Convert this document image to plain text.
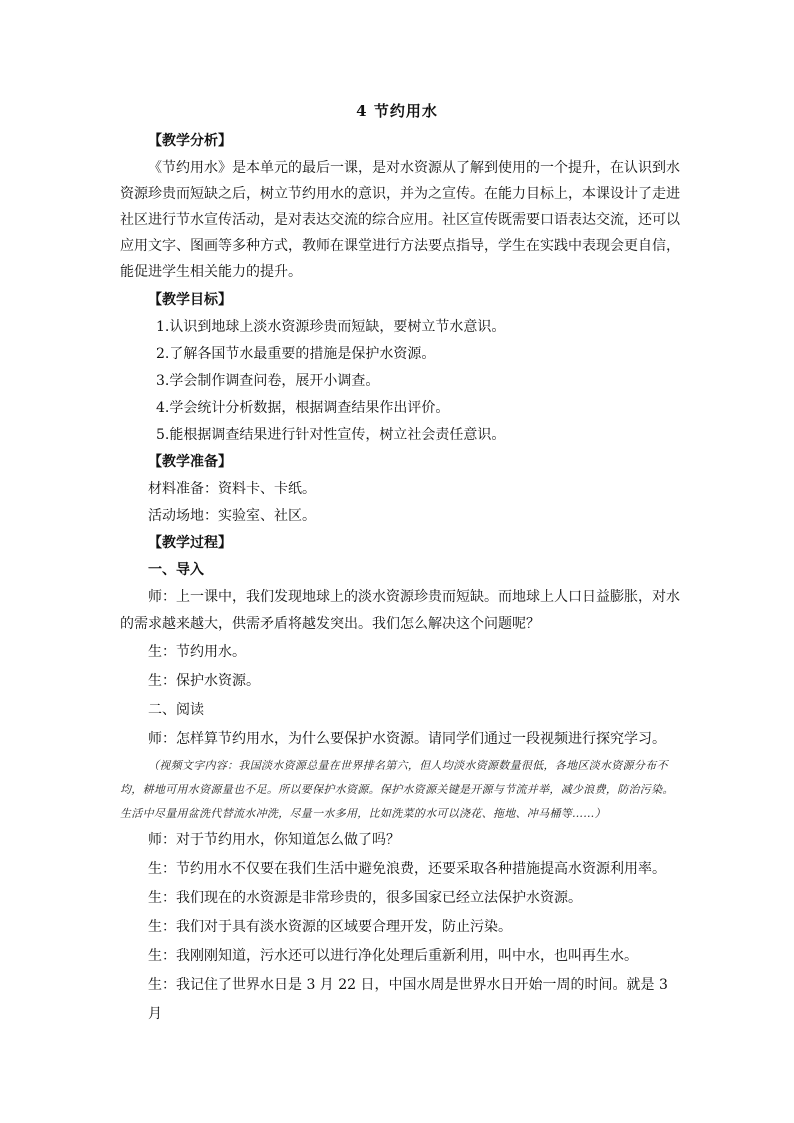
4 节约用水

【教学分析】

《节约用水》是本单元的最后一课，是对水资源从了解到使用的一个提升，在认识到水资源珍贵而短缺之后，树立节约用水的意识，并为之宣传。在能力目标上，本课设计了走进社区进行节水宣传活动，是对表达交流的综合应用。社区宣传既需要口语表达交流，还可以应用文字、图画等多种方式，教师在课堂进行方法要点指导，学生在实践中表现会更自信，能促进学生相关能力的提升。

【教学目标】

1.认识到地球上淡水资源珍贵而短缺，要树立节水意识。

2.了解各国节水最重要的措施是保护水资源。

3.学会制作调查问卷，展开小调查。

4.学会统计分析数据，根据调查结果作出评价。

5.能根据调查结果进行针对性宣传，树立社会责任意识。

【教学准备】

材料准备：资料卡、卡纸。

活动场地：实验室、社区。

【教学过程】

一、导入

师：上一课中，我们发现地球上的淡水资源珍贵而短缺。而地球上人口日益膨胀，对水的需求越来越大，供需矛盾将越发突出。我们怎么解决这个问题呢？

生：节约用水。

生：保护水资源。

二、阅读

师：怎样算节约用水，为什么要保护水资源。请同学们通过一段视频进行探究学习。

（视频文字内容：我国淡水资源总量在世界排名第六，但人均淡水资源数量很低，各地区淡水资源分布不均，耕地可用水资源量也不足。所以要保护水资源。保护水资源关键是开源与节流并举，减少浪费，防治污染。生活中尽量用盆洗代替流水冲洗，尽量一水多用，比如洗菜的水可以浇花、拖地、冲马桶等……）

师：对于节约用水，你知道怎么做了吗？

生：节约用水不仅要在我们生活中避免浪费，还要采取各种措施提高水资源利用率。

生：我们现在的水资源是非常珍贵的，很多国家已经立法保护水资源。

生：我们对于具有淡水资源的区域要合理开发，防止污染。

生：我刚刚知道，污水还可以进行净化处理后重新利用，叫中水，也叫再生水。

生：我记住了世界水日是 3 月 22 日，中国水周是世界水日开始一周的时间。就是 3 月
